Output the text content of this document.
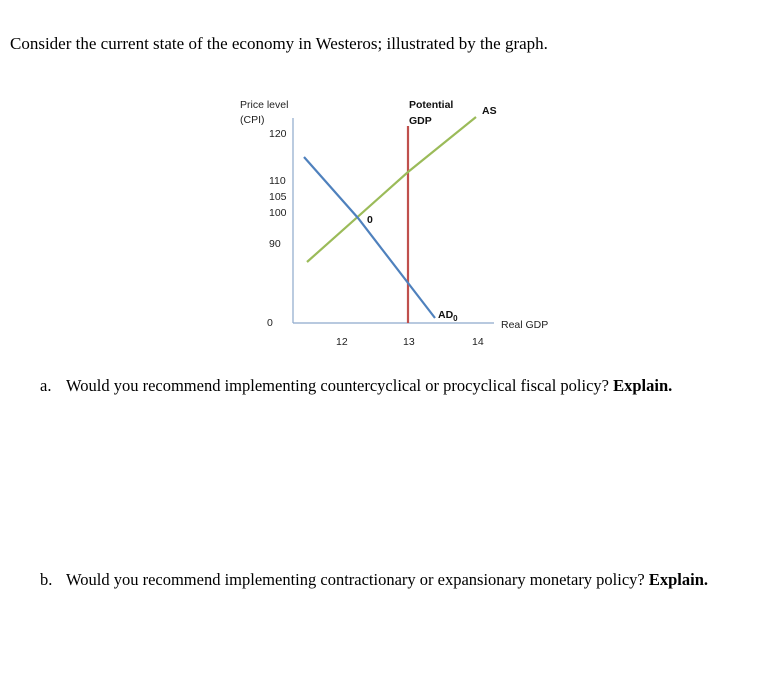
Consider the current state of the economy in Westeros; illustrated by the graph.
Price level
(CPI)
Real GDP
120
110
105
100
90
0
12	13	14
Potential
GDP
AS
$AD_0$
0
a. Would you recommend implementing countercyclical or procyclical fiscal policy? Explain.
b. Would you recommend implementing contractionary or expansionary monetary policy? Explain.
